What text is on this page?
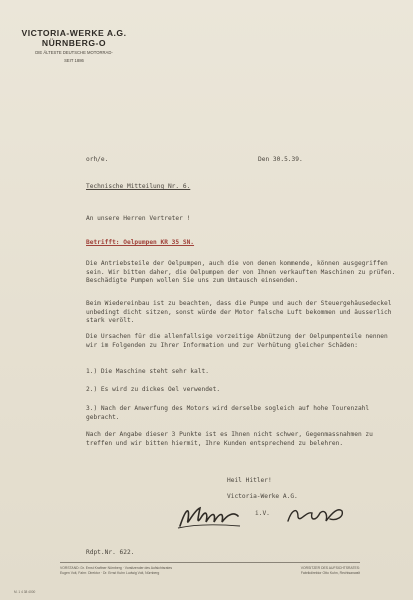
VICTORIA-WERKE A.G.
NÜRNBERG-O
DIE ÄLTESTE DEUTSCHE MOTORRAD-
SEIT 1886
orh/e.	Den 30.5.39.
Technische Mitteilung Nr. 6.
An unsere Herren Vertreter !
Betrifft: Oelpumpen KR 35 SN.
Die Antriebsteile der Oelpumpen, auch die von denen kommende, können ausgegriffen sein. Wir bitten daher, die Oelpumpen der von Ihnen verkauften Maschinen zu prüfen. Beschädigte Pumpen wollen Sie uns zum Umtausch einsenden.
Beim Wiedereinbau ist zu beachten, dass die Pumpe und auch der Steuergehäusedeckel unbedingt dicht sitzen, sonst würde der Motor falsche Luft bekommen und äusserlich stark verölt.
Die Ursachen für die allenfallsige vorzeitige Abnützung der Oelpumpenteile nennen wir im Folgenden zu Ihrer Information und zur Verhütung gleicher Schäden:
1.) Die Maschine steht sehr kalt.
2.) Es wird zu dickes Oel verwendet.
3.) Nach der Anwerfung des Motors wird derselbe sogleich auf hohe Tourenzahl gebracht.
Nach der Angabe dieser 3 Punkte ist es Ihnen nicht schwer, Gegenmassnahmen zu treffen und wir bitten hiermit, Ihre Kunden entsprechend zu belehren.
Heil Hitler!
Victoria-Werke A.G.
i.V.
Rdpt.Nr. 622.
VORSTAND: Dr. Ernst Kraftner Nürnberg · Vorsitzender des Aufsichtsrates
Eugen Voit, Fahrr. Direktor · Dr. Ernst Kuhn Ludwig Voit, Nürnberg
VORSITZER DES AUFSICHTSRATES:
Fabrikdirektor Otto Kuhn, Rechtsanwalt
M. 1 4 38 4000
